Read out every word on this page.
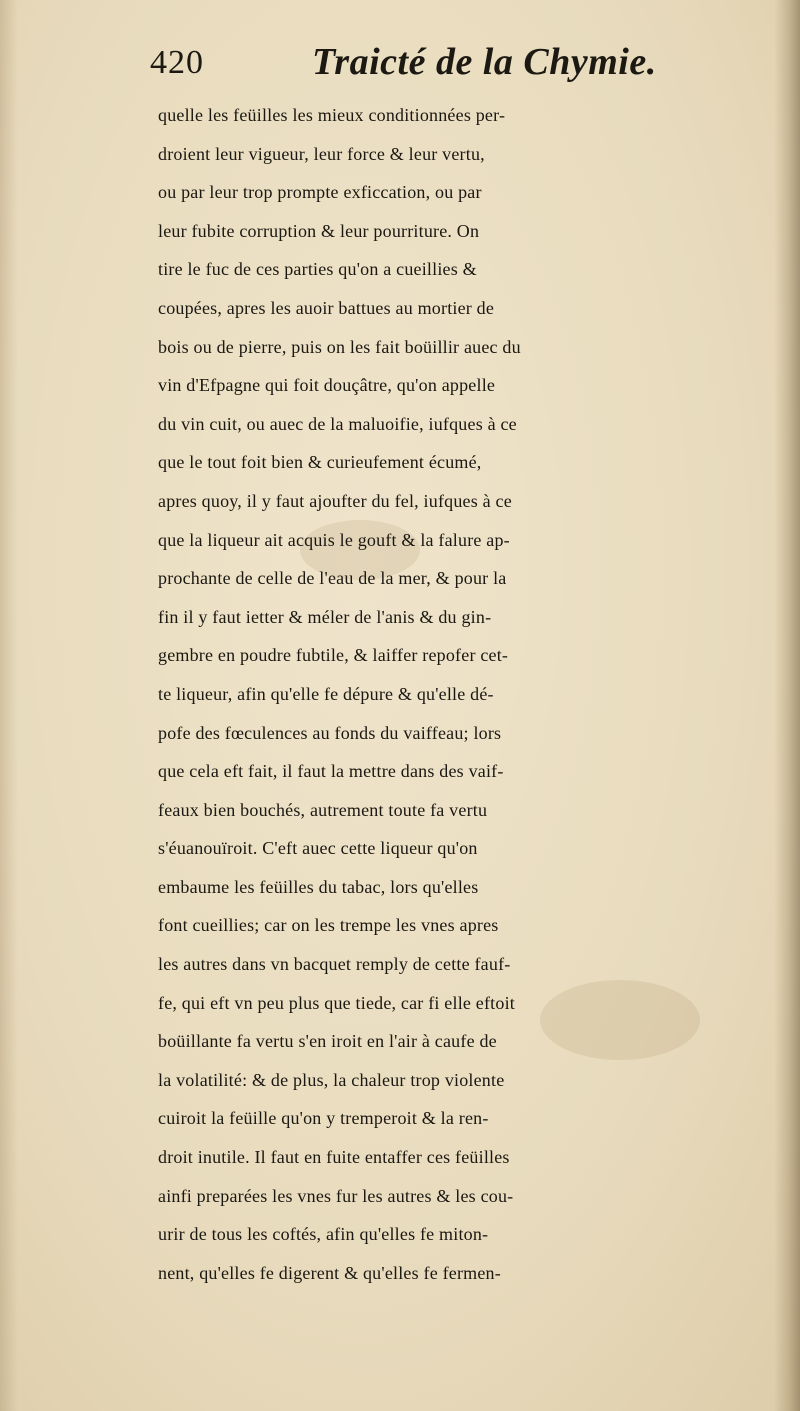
420	Traicté de la Chymie.
quelle les feüilles les mieux conditionnées per-
droient leur vigueur, leur force & leur vertu,
ou par leur trop prompte exficcation, ou par
leur fubite corruption & leur pourriture. On
tire le fuc de ces parties qu'on a cueillies &
coupées, apres les auoir battues au mortier de
bois ou de pierre, puis on les fait boüillir auec du
vin d'Efpagne qui foit douçâtre, qu'on appelle
du vin cuit, ou auec de la maluoifie, iufques à ce
que le tout foit bien & curieufement écumé,
apres quoy, il y faut ajoufter du fel, iufques à ce
que la liqueur ait acquis le gouft & la falure ap-
prochante de celle de l'eau de la mer, & pour la
fin il y faut ietter & méler de l'anis & du gin-
gembre en poudre fubtile, & laiffer repofer cet-
te liqueur, afin qu'elle fe dépure & qu'elle dé-
pofe des fœculences au fonds du vaiffeau; lors
que cela eft fait, il faut la mettre dans des vaif-
feaux bien bouchés, autrement toute fa vertu
s'éuanouïroit. C'eft auec cette liqueur qu'on
embaume les feüilles du tabac, lors qu'elles
font cueillies; car on les trempe les vnes apres
les autres dans vn bacquet remply de cette fauf-
fe, qui eft vn peu plus que tiede, car fi elle eftoit
boüillante fa vertu s'en iroit en l'air à caufe de
la volatilité: & de plus, la chaleur trop violente
cuiroit la feüille qu'on y tremperoit & la ren-
droit inutile. Il faut en fuite entaffer ces feüilles
ainfi preparées les vnes fur les autres & les cou-
urir de tous les coftés, afin qu'elles fe miton-
nent, qu'elles fe digerent & qu'elles fe fermen-
